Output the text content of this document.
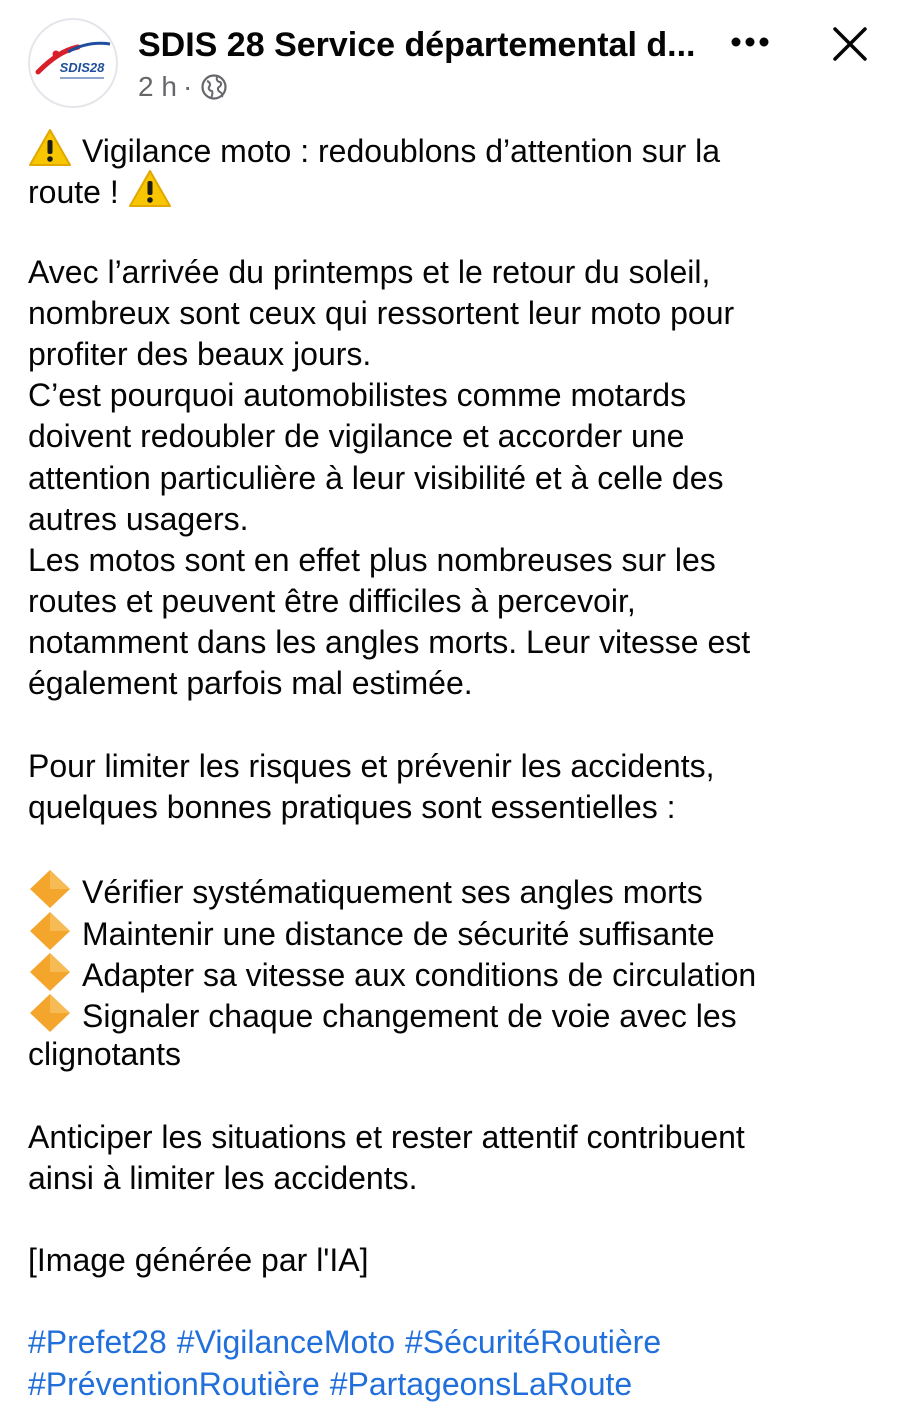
SDIS28
SDIS 28 Service départemental d...
2 h ·
Vigilance moto : redoublons d’attention sur la
route !
Avec l’arrivée du printemps et le retour du soleil,
nombreux sont ceux qui ressortent leur moto pour
profiter des beaux jours.
C’est pourquoi automobilistes comme motards
doivent redoubler de vigilance et accorder une
attention particulière à leur visibilité et à celle des
autres usagers.
Les motos sont en effet plus nombreuses sur les
routes et peuvent être difficiles à percevoir,
notamment dans les angles morts. Leur vitesse est
également parfois mal estimée.
Pour limiter les risques et prévenir les accidents,
quelques bonnes pratiques sont essentielles :
Vérifier systématiquement ses angles morts
Maintenir une distance de sécurité suffisante
Adapter sa vitesse aux conditions de circulation
Signaler chaque changement de voie avec les
clignotants
Anticiper les situations et rester attentif contribuent
ainsi à limiter les accidents.
[Image générée par l'IA]
#Prefet28 #VigilanceMoto #SécuritéRoutière
#PréventionRoutière #PartageonsLaRoute
